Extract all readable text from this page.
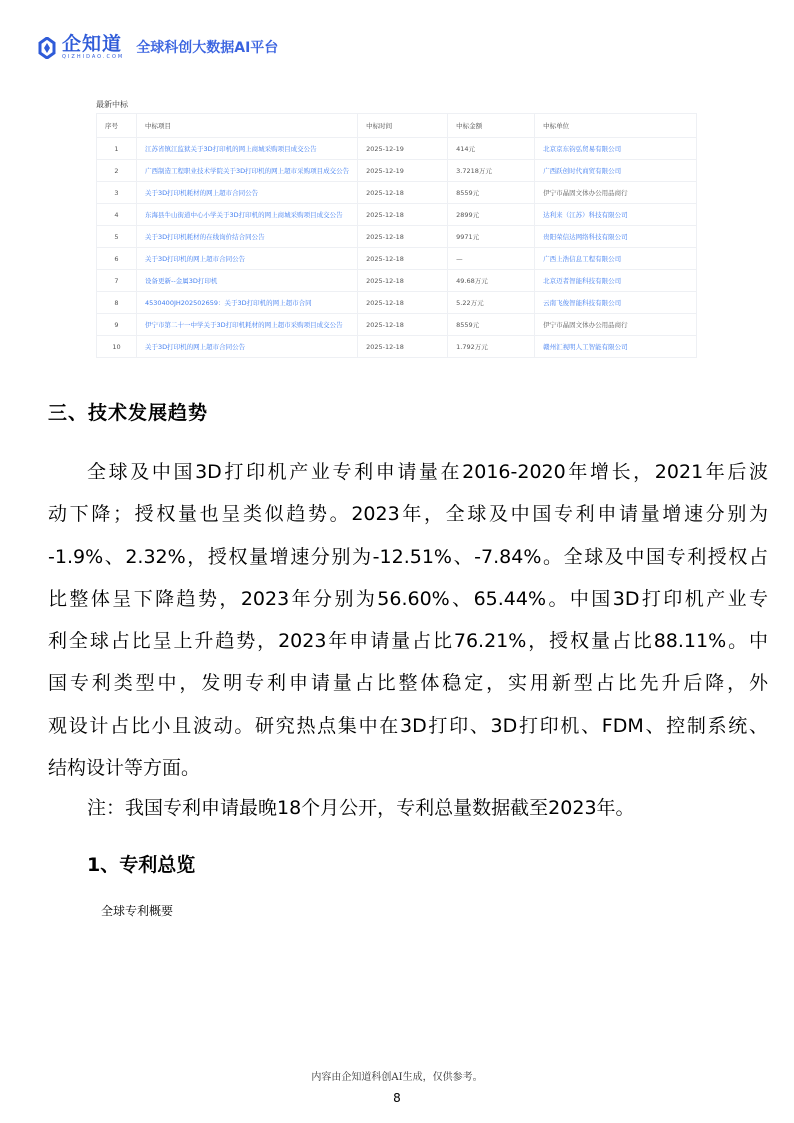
企知道
QIZHIDAO.COM
全球科创大数据AI平台
最新中标
序号	中标项目	中标时间	中标金额	中标单位
1	江苏省镇江监狱关于3D打印机的网上商城采购项目成交公告	2025-12-19	414元	北京京东钧弘贸易有限公司
2	广西制造工程职业技术学院关于3D打印机的网上超市采购项目成交公告	2025-12-19	3.7218万元	广西跃创时代商贸有限公司
3	关于3D打印机耗材的网上超市合同公告	2025-12-18	8559元	伊宁市晶固文体办公用品商行
4	东海县牛山街道中心小学关于3D打印机的网上商城采购项目成交公告	2025-12-18	2899元	达利来（江苏）科技有限公司
5	关于3D打印机耗材的在线询价结合同公告	2025-12-18	9971元	贵阳荣信达网络科技有限公司
6	关于3D打印机的网上超市合同公告	2025-12-18	—	广西上浩信息工程有限公司
7	设备更新--金属3D打印机	2025-12-18	49.68万元	北京迈者智能科技有限公司
8	4530400JH202502659：关于3D打印机的网上超市合同	2025-12-18	5.22万元	云南飞俊智能科技有限公司
9	伊宁市第二十一中学关于3D打印机耗材的网上超市采购项目成交公告	2025-12-18	8559元	伊宁市晶固文体办公用品商行
10	关于3D打印机的网上超市合同公告	2025-12-18	1.792万元	赣州汇视明人工智能有限公司
三、技术发展趋势
全球及中国3D打印机产业专利申请量在2016-2020年增长，2021年后波
动下降；授权量也呈类似趋势。2023年，全球及中国专利申请量增速分别为
-1.9%、2.32%，授权量增速分别为-12.51%、-7.84%。全球及中国专利授权占
比整体呈下降趋势，2023年分别为56.60%、65.44%。中国3D打印机产业专
利全球占比呈上升趋势，2023年申请量占比76.21%，授权量占比88.11%。中
国专利类型中，发明专利申请量占比整体稳定，实用新型占比先升后降，外
观设计占比小且波动。研究热点集中在3D打印、3D打印机、FDM、控制系统、
结构设计等方面。
注：我国专利申请最晚18个月公开，专利总量数据截至2023年。
1、专利总览
全球专利概要
内容由企知道科创AI生成，仅供参考。
8
